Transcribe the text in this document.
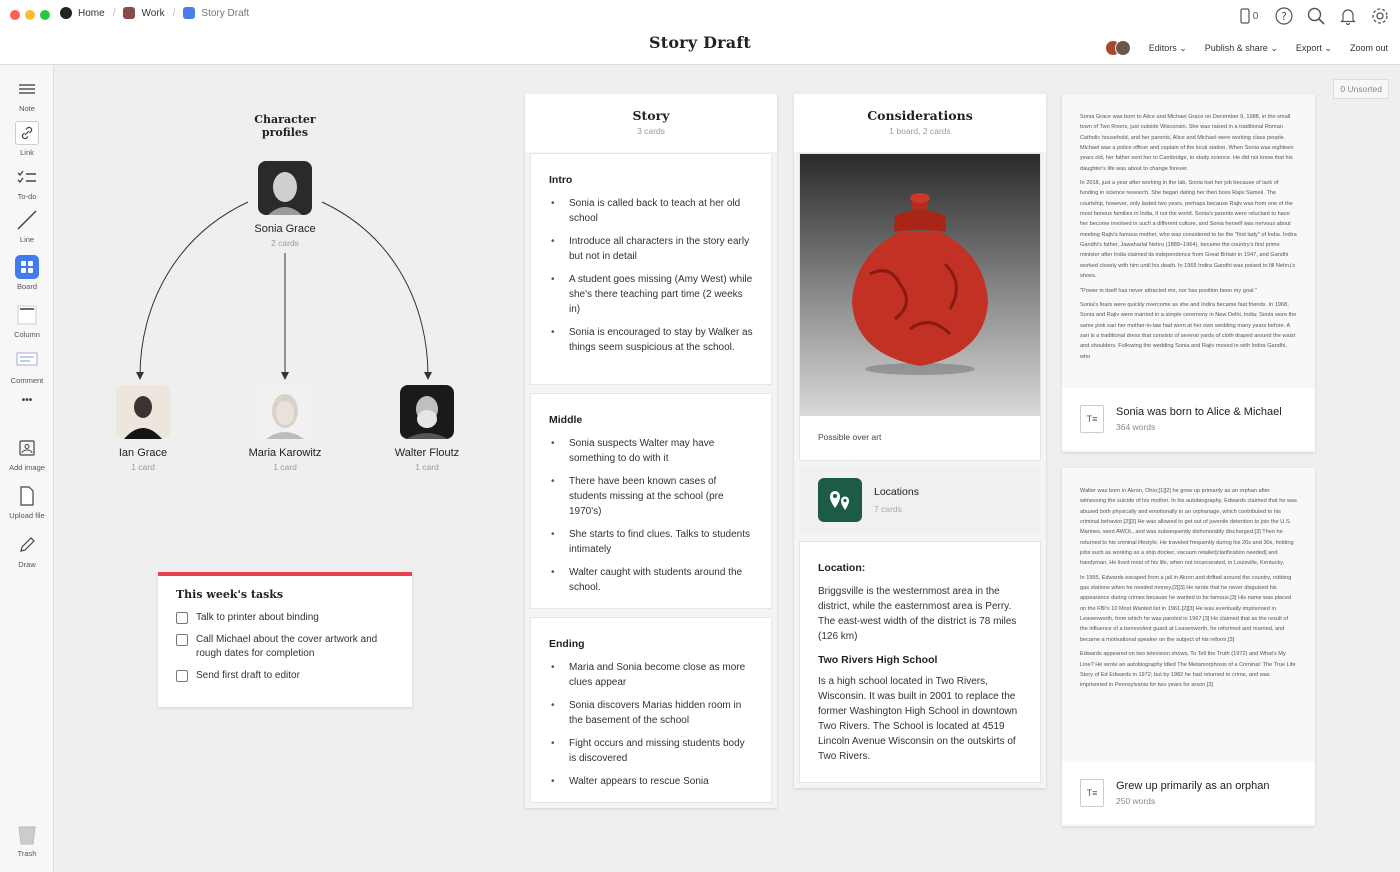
Home /	Work /	Story Draft
Story Draft
0 ?
Editors ⌄ Publish & share ⌄ Export ⌄ Zoom out
Note
Link
To-do
Line
Board
Column
Comment
•••
Add image
Upload file
Draw
Trash
Character profiles
Sonia Grace
2 cards
Ian Grace
1 card
Maria Karowitz
1 card
Walter Floutz
1 card
This week's tasks
Talk to printer about binding
Call Michael about the cover artwork and rough dates for completion
Send first draft to editor
Story
3 cards
Intro
• Sonia is called back to teach at her old school
• Introduce all characters in the story early but not in detail
• A student goes missing (Amy West) while she's there teaching part time (2 weeks in)
• Sonia is encouraged to stay by Walker as things seem suspicious at the school.
Middle
• Sonia suspects Walter may have something to do with it
• There have been known cases of students missing at the school (pre 1970's)
• She starts to find clues. Talks to students intimately
• Walter caught with students around the school.
Ending
• Maria and Sonia become close as more clues appear
• Sonia discovers Marias hidden room in the basement of the school
• Fight occurs and missing students body is discovered
• Walter appears to rescue Sonia
Considerations
1 board, 2 cards
Possible over art
Locations
7 cards
Location:

Briggsville is the westernmost area in the district, while the easternmost area is Perry. The east-west width of the district is 78 miles (126 km)

Two Rivers High School

Is a high school located in Two Rivers, Wisconsin. It was built in 2001 to replace the former Washington High School in downtown Two Rivers. The School is located at 4519 Lincoln Avenue Wisconsin on the outskirts of Two Rivers.

Sonia Grace was born to Alice and Michael Grace on December 9, 1988, in the small town of Two Rivers, just outside Wisconsin. She was raised in a traditional Roman Catholic household, and her parents, Alice and Michael were working class people. Michael was a police officer and captain of the local station. When Sonia was eighteen years old, her father sent her to Cambridge, to study science. He did not know that his daughter's life was about to change forever.

In 2018, just a year after working in the lab, Sonia lost her job because of lack of funding in science research. She began dating her then boss Rajiv Samek. The courtship, however, only lasted two years, perhaps because Rajiv was from one of the most famous families in India, if not the world. Sonia's parents were reluctant to have her become involved in such a different culture, and Sonia herself was nervous about meeting Rajiv's famous mother, who was considered to be the "first lady" of India. Indira Gandhi's father, Jawaharlal Nehru (1889–1964), became the country's first prime minister after India claimed its independence from Great Britain in 1947, and Gandhi worked closely with him until his death. In 1965 Indira Gandhi was poised to fill Nehru's shoes.

"Power in itself has never attracted me, nor has position been my goal."

Sonia's fears were quickly overcome as she and Indira became fast friends. In 1968, Sonia and Rajiv were married in a simple ceremony in New Delhi, India; Sonia wore the same pink sari her mother-in-law had worn at her own wedding many years before. A sari is a traditional dress that consists of several yards of cloth draped around the waist and shoulders. Following the wedding Sonia and Rajiv moved in with Indira Gandhi, who

T≡
Sonia was born to Alice & Michael
364 words

Walter was born in Akron, Ohio;[1][2] he grew up primarily as an orphan after witnessing the suicide of his mother. In his autobiography, Edwards claimed that he was abused both physically and emotionally in an orphanage, which contributed to his criminal behavior.[2][3] He was allowed to get out of juvenile detention to join the U.S. Marines, went AWOL, and was subsequently dishonorably discharged.[3] Then he returned to his criminal lifestyle. He traveled frequently during his 20s and 30s, holding jobs such as working as a ship docker, vacuum retailer[clarification needed] and handyman. He lived most of his life, when not incarcerated, in Louisville, Kentucky.

In 1955, Edwards escaped from a jail in Akron and drifted around the country, robbing gas stations when he needed money.[2][3] He wrote that he never disguised his appearance during crimes because he wanted to be famous.[3] His name was placed on the FBI's 10 Most Wanted list in 1961.[2][3] He was eventually imprisoned in Leavenworth, from which he was paroled in 1967.[3] He claimed that as the result of the influence of a benevolent guard at Leavenworth, he reformed and married, and became a motivational speaker on the subject of his reform.[3]

Edwards appeared on two television shows, To Tell the Truth (1972) and What's My Line? He wrote an autobiography titled The Metamorphosis of a Criminal: The True Life Story of Ed Edwards in 1972; but by 1982 he had returned to crime, and was imprisoned in Pennsylvania for two years for arson.[3]

T≡
Grew up primarily as an orphan
250 words
0 Unsorted
